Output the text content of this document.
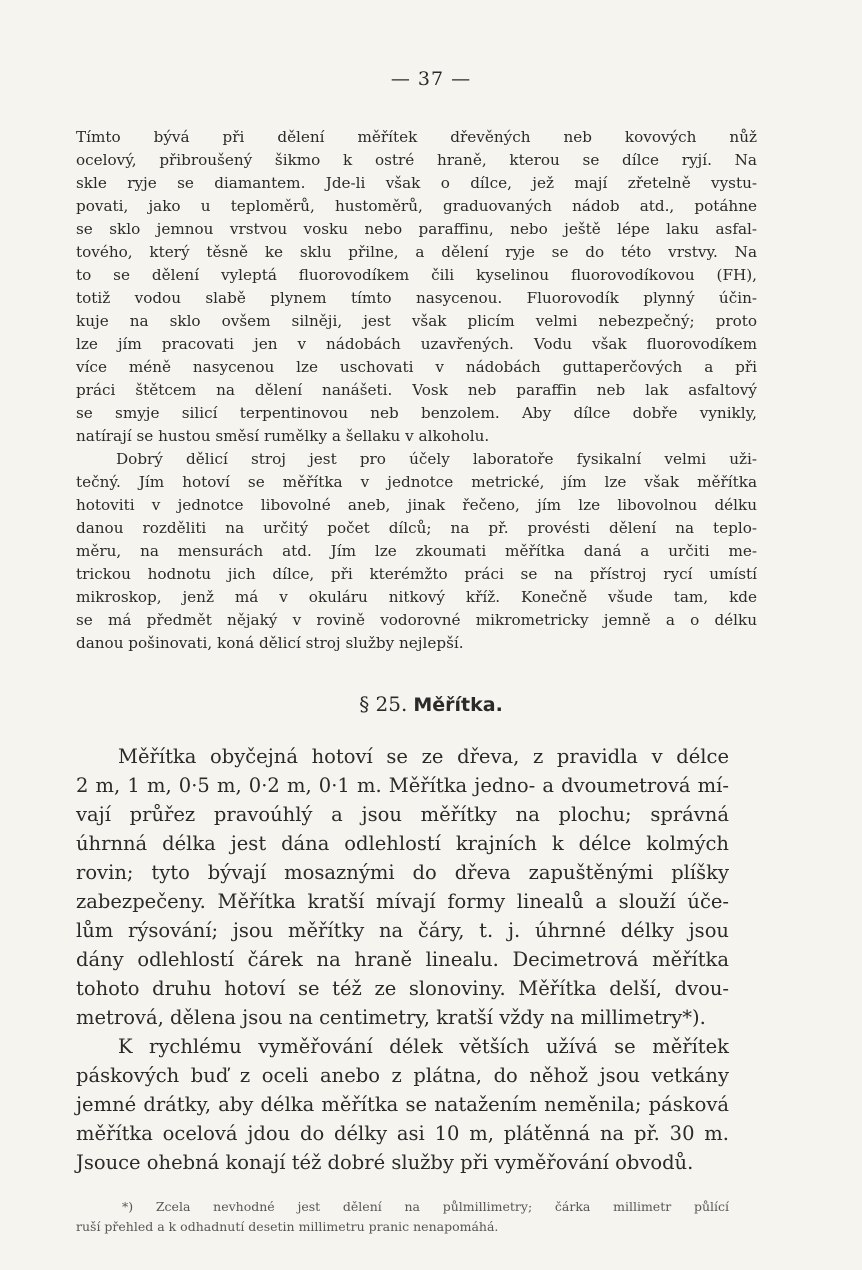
— 37 —
Tímto bývá při dělení měřítek dřevěných neb kovových nůž
ocelový, přibroušený šikmo k ostré hraně, kterou se dílce ryjí. Na
skle ryje se diamantem. Jde-li však o dílce, jež mají zřetelně vystu-
povati, jako u teploměrů, hustoměrů, graduovaných nádob atd., potáhne
se sklo jemnou vrstvou vosku nebo paraffinu, nebo ještě lépe laku asfal-
tového, který těsně ke sklu přilne, a dělení ryje se do této vrstvy. Na
to se dělení vyleptá fluorovodíkem čili kyselinou fluorovodíkovou (FH),
totiž vodou slabě plynem tímto nasycenou. Fluorovodík plynný účin-
kuje na sklo ovšem silněji, jest však plicím velmi nebezpečný; proto
lze jím pracovati jen v nádobách uzavřených. Vodu však fluorovodíkem
více méně nasycenou lze uschovati v nádobách guttaperčových a při
práci štětcem na dělení nanášeti. Vosk neb paraffin neb lak asfaltový
se smyje silicí terpentinovou neb benzolem. Aby dílce dobře vynikly,
natírají se hustou směsí rumělky a šellaku v alkoholu.
Dobrý dělicí stroj jest pro účely laboratoře fysikalní velmi uži-
tečný. Jím hotoví se měřítka v jednotce metrické, jím lze však měřítka
hotoviti v jednotce libovolné aneb, jinak řečeno, jím lze libovolnou délku
danou rozděliti na určitý počet dílců; na př. provésti dělení na teplo-
měru, na mensurách atd. Jím lze zkoumati měřítka daná a určiti me-
trickou hodnotu jich dílce, při kterémžto práci se na přístroj rycí umístí
mikroskop, jenž má v okuláru nitkový kříž. Konečně všude tam, kde
se má předmět nějaký v rovině vodorovné mikrometricky jemně a o délku
danou pošinovati, koná dělicí stroj služby nejlepší.
§ 25. Měřítka.
Měřítka obyčejná hotoví se ze dřeva, z pravidla v délce
2 m, 1 m, 0·5 m, 0·2 m, 0·1 m. Měřítka jedno- a dvoumetrová mí-
vají průřez pravoúhlý a jsou měřítky na plochu; správná
úhrnná délka jest dána odlehlostí krajních k délce kolmých
rovin; tyto bývají mosaznými do dřeva zapuštěnými plíšky
zabezpečeny. Měřítka kratší mívají formy linealů a slouží úče-
lům rýsování; jsou měřítky na čáry, t. j. úhrnné délky jsou
dány odlehlostí čárek na hraně linealu. Decimetrová měřítka
tohoto druhu hotoví se též ze slonoviny. Měřítka delší, dvou-
metrová, dělena jsou na centimetry, kratší vždy na millimetry*).
K rychlému vyměřování délek větších užívá se měřítek
páskových buď z oceli anebo z plátna, do něhož jsou vetkány
jemné drátky, aby délka měřítka se natažením neměnila; pásková
měřítka ocelová jdou do délky asi 10 m, plátěnná na př. 30 m.
Jsouce ohebná konají též dobré služby při vyměřování obvodů.
*) Zcela nevhodné jest dělení na půlmillimetry; čárka millimetr půlící
ruší přehled a k odhadnutí desetin millimetru pranic nenapomáhá.
